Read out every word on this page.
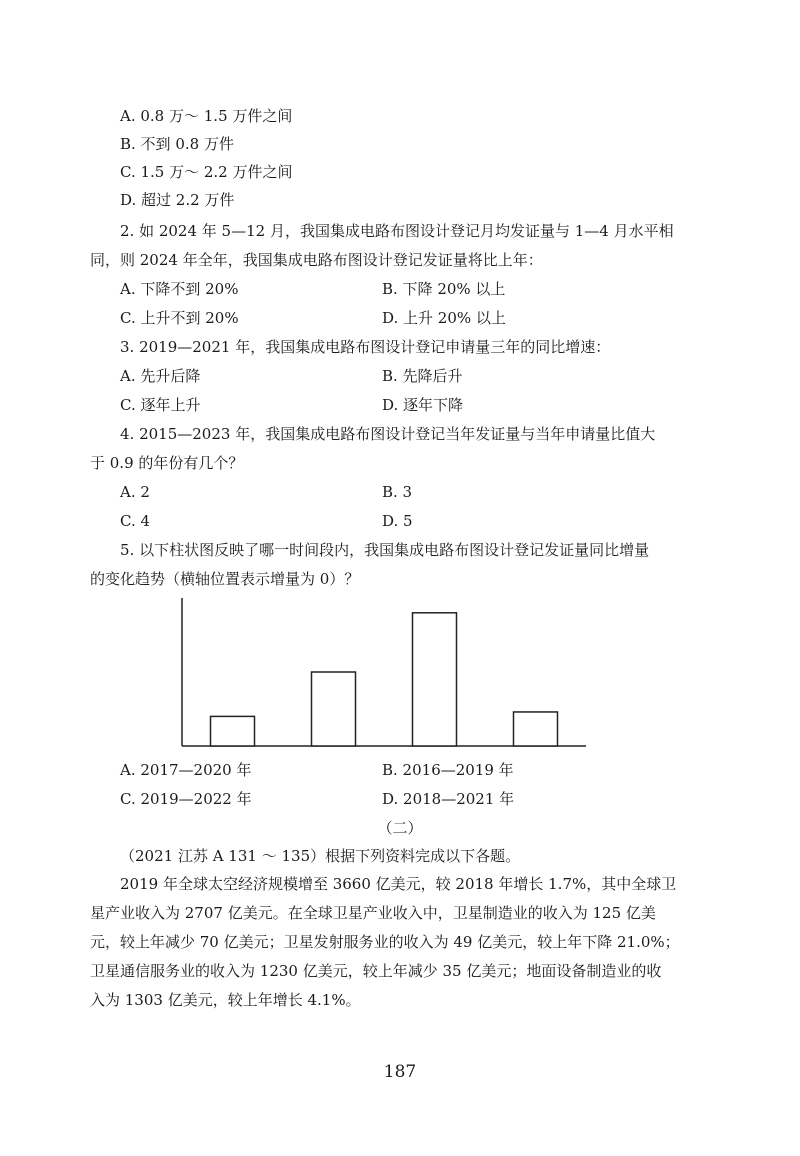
A. 0.8 万～ 1.5 万件之间
B. 不到 0.8 万件
C. 1.5 万～ 2.2 万件之间
D. 超过 2.2 万件
2. 如 2024 年 5—12 月，我国集成电路布图设计登记月均发证量与 1—4 月水平相
同，则 2024 年全年，我国集成电路布图设计登记发证量将比上年：
A. 下降不到 20%	B. 下降 20% 以上
C. 上升不到 20%	D. 上升 20% 以上
3. 2019—2021 年，我国集成电路布图设计登记申请量三年的同比增速：
A. 先升后降	B. 先降后升
C. 逐年上升	D. 逐年下降
4. 2015—2023 年，我国集成电路布图设计登记当年发证量与当年申请量比值大
于 0.9 的年份有几个？
A. 2	B. 3
C. 4	D. 5
5. 以下柱状图反映了哪一时间段内，我国集成电路布图设计登记发证量同比增量
的变化趋势（横轴位置表示增量为 0）？
A. 2017—2020 年	B. 2016—2019 年
C. 2019—2022 年	D. 2018—2021 年
（二）
（2021 江苏 A 131 ～ 135）根据下列资料完成以下各题。
2019 年全球太空经济规模增至 3660 亿美元，较 2018 年增长 1.7%，其中全球卫
星产业收入为 2707 亿美元。在全球卫星产业收入中，卫星制造业的收入为 125 亿美
元，较上年减少 70 亿美元；卫星发射服务业的收入为 49 亿美元，较上年下降 21.0%；
卫星通信服务业的收入为 1230 亿美元，较上年减少 35 亿美元；地面设备制造业的收
入为 1303 亿美元，较上年增长 4.1%。
187
